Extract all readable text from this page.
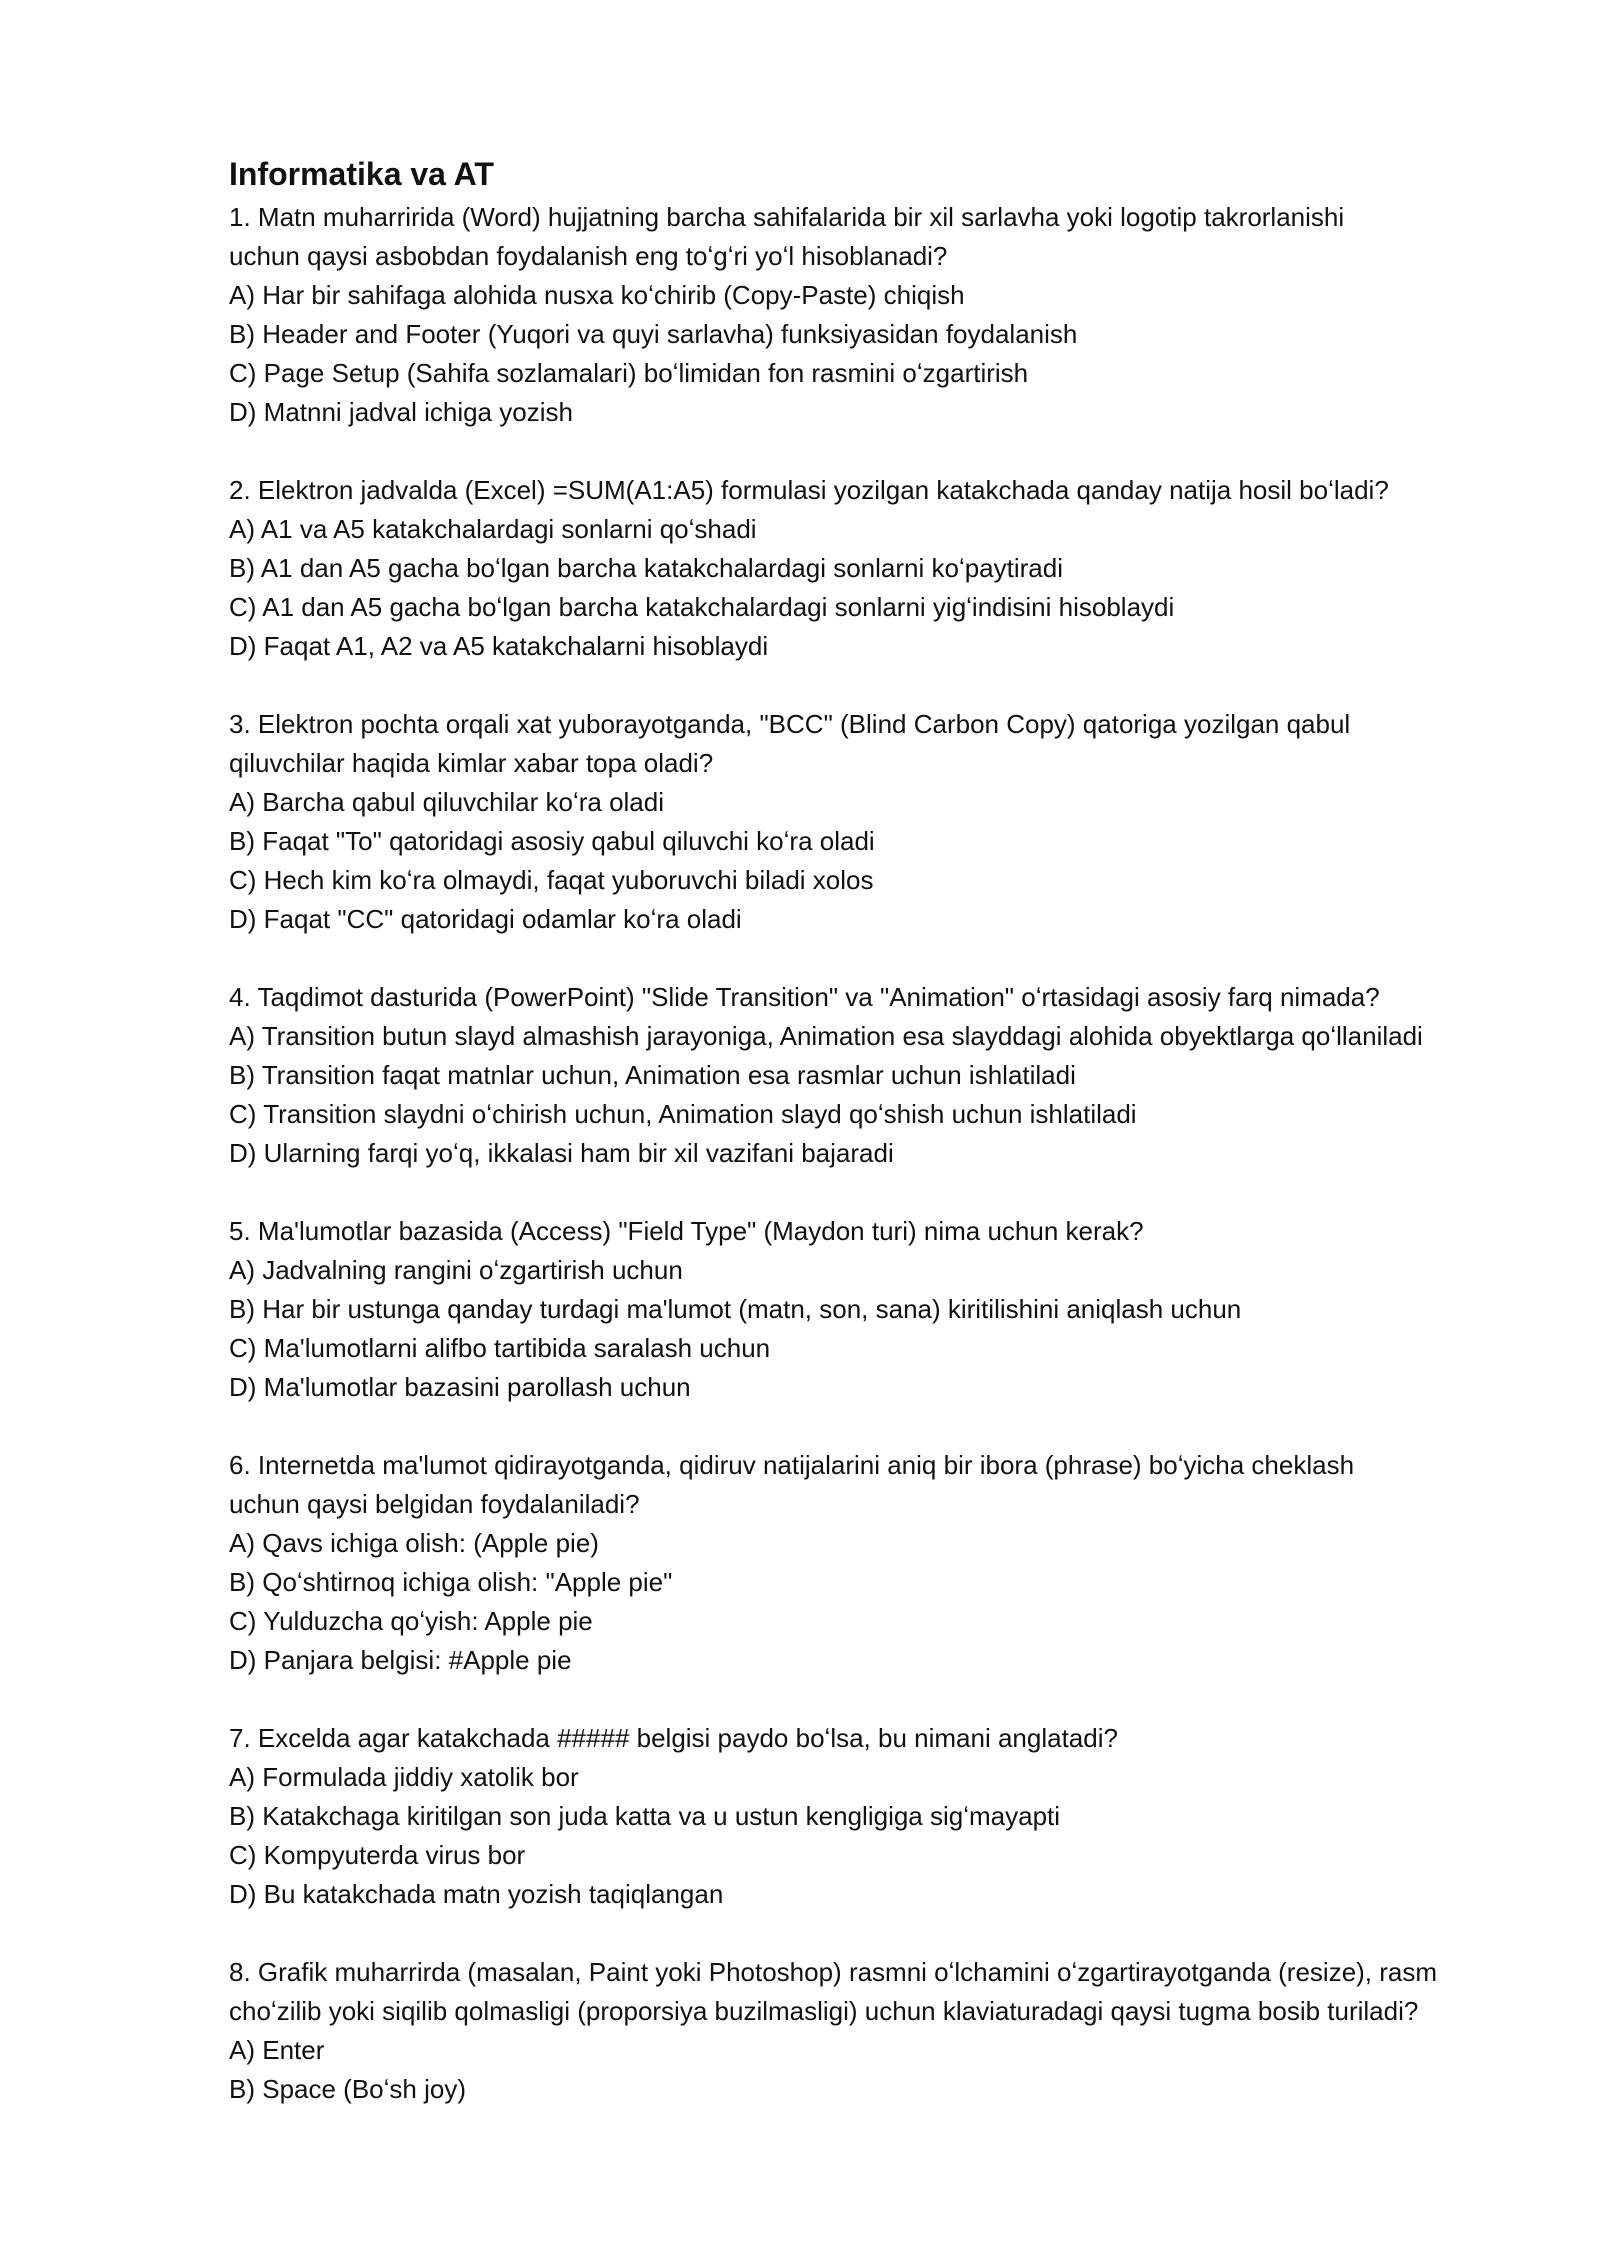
Informatika va AT
1. Matn muharririda (Word) hujjatning barcha sahifalarida bir xil sarlavha yoki logotip takrorlanishi
uchun qaysi asbobdan foydalanish eng toʻgʻri yoʻl hisoblanadi?
A) Har bir sahifaga alohida nusxa koʻchirib (Copy-Paste) chiqish
B) Header and Footer (Yuqori va quyi sarlavha) funksiyasidan foydalanish
C) Page Setup (Sahifa sozlamalari) boʻlimidan fon rasmini oʻzgartirish
D) Matnni jadval ichiga yozish
2. Elektron jadvalda (Excel) =SUM(A1:A5) formulasi yozilgan katakchada qanday natija hosil boʻladi?
A) A1 va A5 katakchalardagi sonlarni qoʻshadi
B) A1 dan A5 gacha boʻlgan barcha katakchalardagi sonlarni koʻpaytiradi
C) A1 dan A5 gacha boʻlgan barcha katakchalardagi sonlarni yigʻindisini hisoblaydi
D) Faqat A1, A2 va A5 katakchalarni hisoblaydi
3. Elektron pochta orqali xat yuborayotganda, "BCC" (Blind Carbon Copy) qatoriga yozilgan qabul
qiluvchilar haqida kimlar xabar topa oladi?
A) Barcha qabul qiluvchilar koʻra oladi
B) Faqat "To" qatoridagi asosiy qabul qiluvchi koʻra oladi
C) Hech kim koʻra olmaydi, faqat yuboruvchi biladi xolos
D) Faqat "CC" qatoridagi odamlar koʻra oladi
4. Taqdimot dasturida (PowerPoint) "Slide Transition" va "Animation" oʻrtasidagi asosiy farq nimada?
A) Transition butun slayd almashish jarayoniga, Animation esa slayddagi alohida obyektlarga qoʻllaniladi
B) Transition faqat matnlar uchun, Animation esa rasmlar uchun ishlatiladi
C) Transition slaydni oʻchirish uchun, Animation slayd qoʻshish uchun ishlatiladi
D) Ularning farqi yoʻq, ikkalasi ham bir xil vazifani bajaradi
5. Ma'lumotlar bazasida (Access) "Field Type" (Maydon turi) nima uchun kerak?
A) Jadvalning rangini oʻzgartirish uchun
B) Har bir ustunga qanday turdagi ma'lumot (matn, son, sana) kiritilishini aniqlash uchun
C) Ma'lumotlarni alifbo tartibida saralash uchun
D) Ma'lumotlar bazasini parollash uchun
6. Internetda ma'lumot qidirayotganda, qidiruv natijalarini aniq bir ibora (phrase) boʻyicha cheklash
uchun qaysi belgidan foydalaniladi?
A) Qavs ichiga olish: (Apple pie)
B) Qoʻshtirnoq ichiga olish: "Apple pie"
C) Yulduzcha qoʻyish: Apple pie
D) Panjara belgisi: #Apple pie
7. Excelda agar katakchada ##### belgisi paydo boʻlsa, bu nimani anglatadi?
A) Formulada jiddiy xatolik bor
B) Katakchaga kiritilgan son juda katta va u ustun kengligiga sigʻmayapti
C) Kompyuterda virus bor
D) Bu katakchada matn yozish taqiqlangan
8. Grafik muharrirda (masalan, Paint yoki Photoshop) rasmni oʻlchamini oʻzgartirayotganda (resize), rasm
choʻzilib yoki siqilib qolmasligi (proporsiya buzilmasligi) uchun klaviaturadagi qaysi tugma bosib turiladi?
A) Enter
B) Space (Boʻsh joy)
